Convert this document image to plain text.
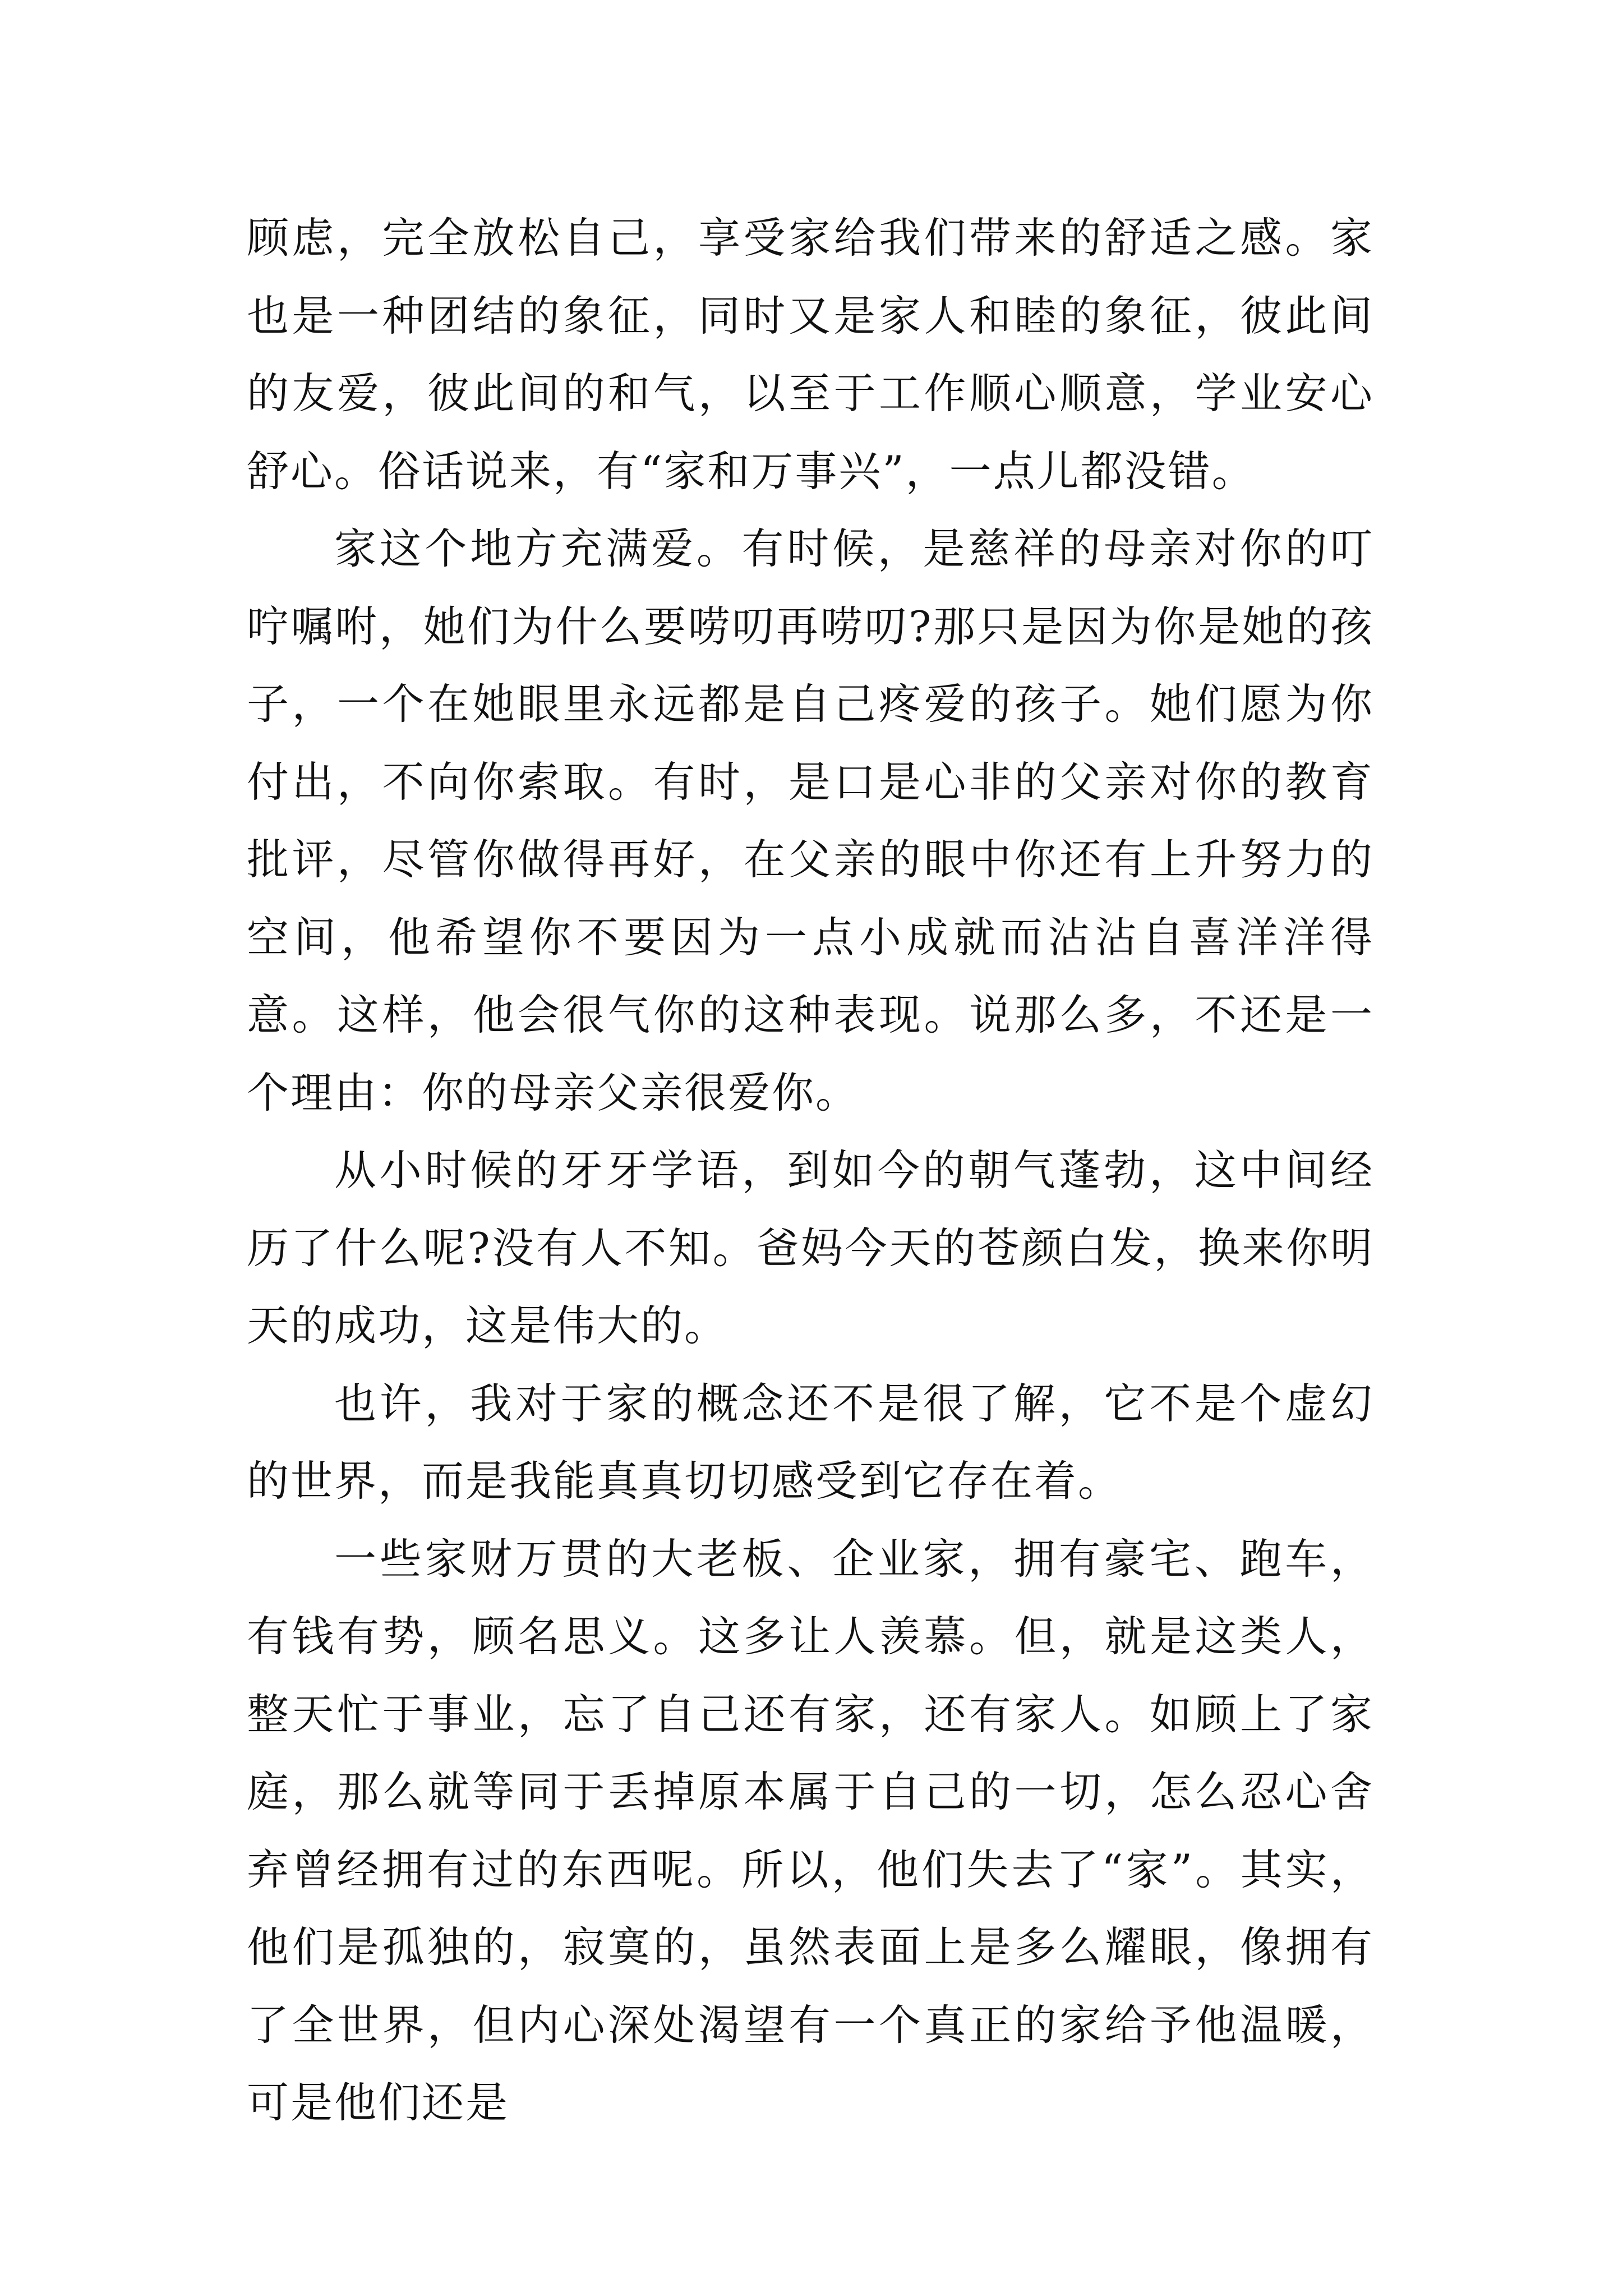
顾虑，完全放松自己，享受家给我们带来的舒适之感。家也是一种团结的象征，同时又是家人和睦的象征，彼此间的友爱，彼此间的和气，以至于工作顺心顺意，学业安心舒心。俗话说来，有“家和万事兴”，一点儿都没错。

家这个地方充满爱。有时候，是慈祥的母亲对你的叮咛嘱咐，她们为什么要唠叨再唠叨?那只是因为你是她的孩子，一个在她眼里永远都是自己疼爱的孩子。她们愿为你付出，不向你索取。有时，是口是心非的父亲对你的教育批评，尽管你做得再好，在父亲的眼中你还有上升努力的空间，他希望你不要因为一点小成就而沾沾自喜洋洋得意。这样，他会很气你的这种表现。说那么多，不还是一个理由：你的母亲父亲很爱你。

从小时候的牙牙学语，到如今的朝气蓬勃，这中间经历了什么呢?没有人不知。爸妈今天的苍颜白发，换来你明天的成功，这是伟大的。

也许，我对于家的概念还不是很了解，它不是个虚幻的世界，而是我能真真切切感受到它存在着。

一些家财万贯的大老板、企业家，拥有豪宅、跑车，有钱有势，顾名思义。这多让人羡慕。但，就是这类人，整天忙于事业，忘了自己还有家，还有家人。如顾上了家庭，那么就等同于丢掉原本属于自己的一切，怎么忍心舍弃曾经拥有过的东西呢。所以，他们失去了“家”。其实，他们是孤独的，寂寞的，虽然表面上是多么耀眼，像拥有了全世界，但内心深处渴望有一个真正的家给予他温暖，可是他们还是
